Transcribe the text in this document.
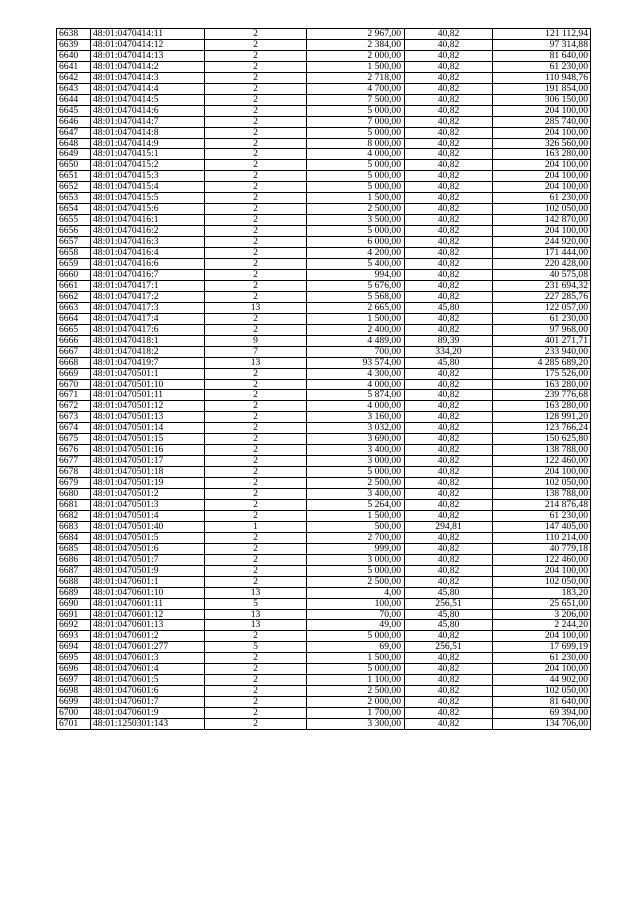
6638	48:01:0470414:11	2	2 967,00	40,82	121 112,94
6639	48:01:0470414:12	2	2 384,00	40,82	97 314,88
6640	48:01:0470414:13	2	2 000,00	40,82	81 640,00
6641	48:01:0470414:2	2	1 500,00	40,82	61 230,00
6642	48:01:0470414:3	2	2 718,00	40,82	110 948,76
6643	48:01:0470414:4	2	4 700,00	40,82	191 854,00
6644	48:01:0470414:5	2	7 500,00	40,82	306 150,00
6645	48:01:0470414:6	2	5 000,00	40,82	204 100,00
6646	48:01:0470414:7	2	7 000,00	40,82	285 740,00
6647	48:01:0470414:8	2	5 000,00	40,82	204 100,00
6648	48:01:0470414:9	2	8 000,00	40,82	326 560,00
6649	48:01:0470415:1	2	4 000,00	40,82	163 280,00
6650	48:01:0470415:2	2	5 000,00	40,82	204 100,00
6651	48:01:0470415:3	2	5 000,00	40,82	204 100,00
6652	48:01:0470415:4	2	5 000,00	40,82	204 100,00
6653	48:01:0470415:5	2	1 500,00	40,82	61 230,00
6654	48:01:0470415:6	2	2 500,00	40,82	102 050,00
6655	48:01:0470416:1	2	3 500,00	40,82	142 870,00
6656	48:01:0470416:2	2	5 000,00	40,82	204 100,00
6657	48:01:0470416:3	2	6 000,00	40,82	244 920,00
6658	48:01:0470416:4	2	4 200,00	40,82	171 444,00
6659	48:01:0470416:6	2	5 400,00	40,82	220 428,00
6660	48:01:0470416:7	2	994,00	40,82	40 575,08
6661	48:01:0470417:1	2	5 676,00	40,82	231 694,32
6662	48:01:0470417:2	2	5 568,00	40,82	227 285,76
6663	48:01:0470417:3	13	2 665,00	45,80	122 057,00
6664	48:01:0470417:4	2	1 500,00	40,82	61 230,00
6665	48:01:0470417:6	2	2 400,00	40,82	97 968,00
6666	48:01:0470418:1	9	4 489,00	89,39	401 271,71
6667	48:01:0470418:2	7	700,00	334,20	233 940,00
6668	48:01:0470419:7	13	93 574,00	45,80	4 285 689,20
6669	48:01:0470501:1	2	4 300,00	40,82	175 526,00
6670	48:01:0470501:10	2	4 000,00	40,82	163 280,00
6671	48:01:0470501:11	2	5 874,00	40,82	239 776,68
6672	48:01:0470501:12	2	4 000,00	40,82	163 280,00
6673	48:01:0470501:13	2	3 160,00	40,82	128 991,20
6674	48:01:0470501:14	2	3 032,00	40,82	123 766,24
6675	48:01:0470501:15	2	3 690,00	40,82	150 625,80
6676	48:01:0470501:16	2	3 400,00	40,82	138 788,00
6677	48:01:0470501:17	2	3 000,00	40,82	122 460,00
6678	48:01:0470501:18	2	5 000,00	40,82	204 100,00
6679	48:01:0470501:19	2	2 500,00	40,82	102 050,00
6680	48:01:0470501:2	2	3 400,00	40,82	138 788,00
6681	48:01:0470501:3	2	5 264,00	40,82	214 876,48
6682	48:01:0470501:4	2	1 500,00	40,82	61 230,00
6683	48:01:0470501:40	1	500,00	294,81	147 405,00
6684	48:01:0470501:5	2	2 700,00	40,82	110 214,00
6685	48:01:0470501:6	2	999,00	40,82	40 779,18
6686	48:01:0470501:7	2	3 000,00	40,82	122 460,00
6687	48:01:0470501:9	2	5 000,00	40,82	204 100,00
6688	48:01:0470601:1	2	2 500,00	40,82	102 050,00
6689	48:01:0470601:10	13	4,00	45,80	183,20
6690	48:01:0470601:11	5	100,00	256,51	25 651,00
6691	48:01:0470601:12	13	70,00	45,80	3 206,00
6692	48:01:0470601:13	13	49,00	45,80	2 244,20
6693	48:01:0470601:2	2	5 000,00	40,82	204 100,00
6694	48:01:0470601:277	5	69,00	256,51	17 699,19
6695	48:01:0470601:3	2	1 500,00	40,82	61 230,00
6696	48:01:0470601:4	2	5 000,00	40,82	204 100,00
6697	48:01:0470601:5	2	1 100,00	40,82	44 902,00
6698	48:01:0470601:6	2	2 500,00	40,82	102 050,00
6699	48:01:0470601:7	2	2 000,00	40,82	81 640,00
6700	48:01:0470601:9	2	1 700,00	40,82	69 394,00
6701	48:01:1250301:143	2	3 300,00	40,82	134 706,00
